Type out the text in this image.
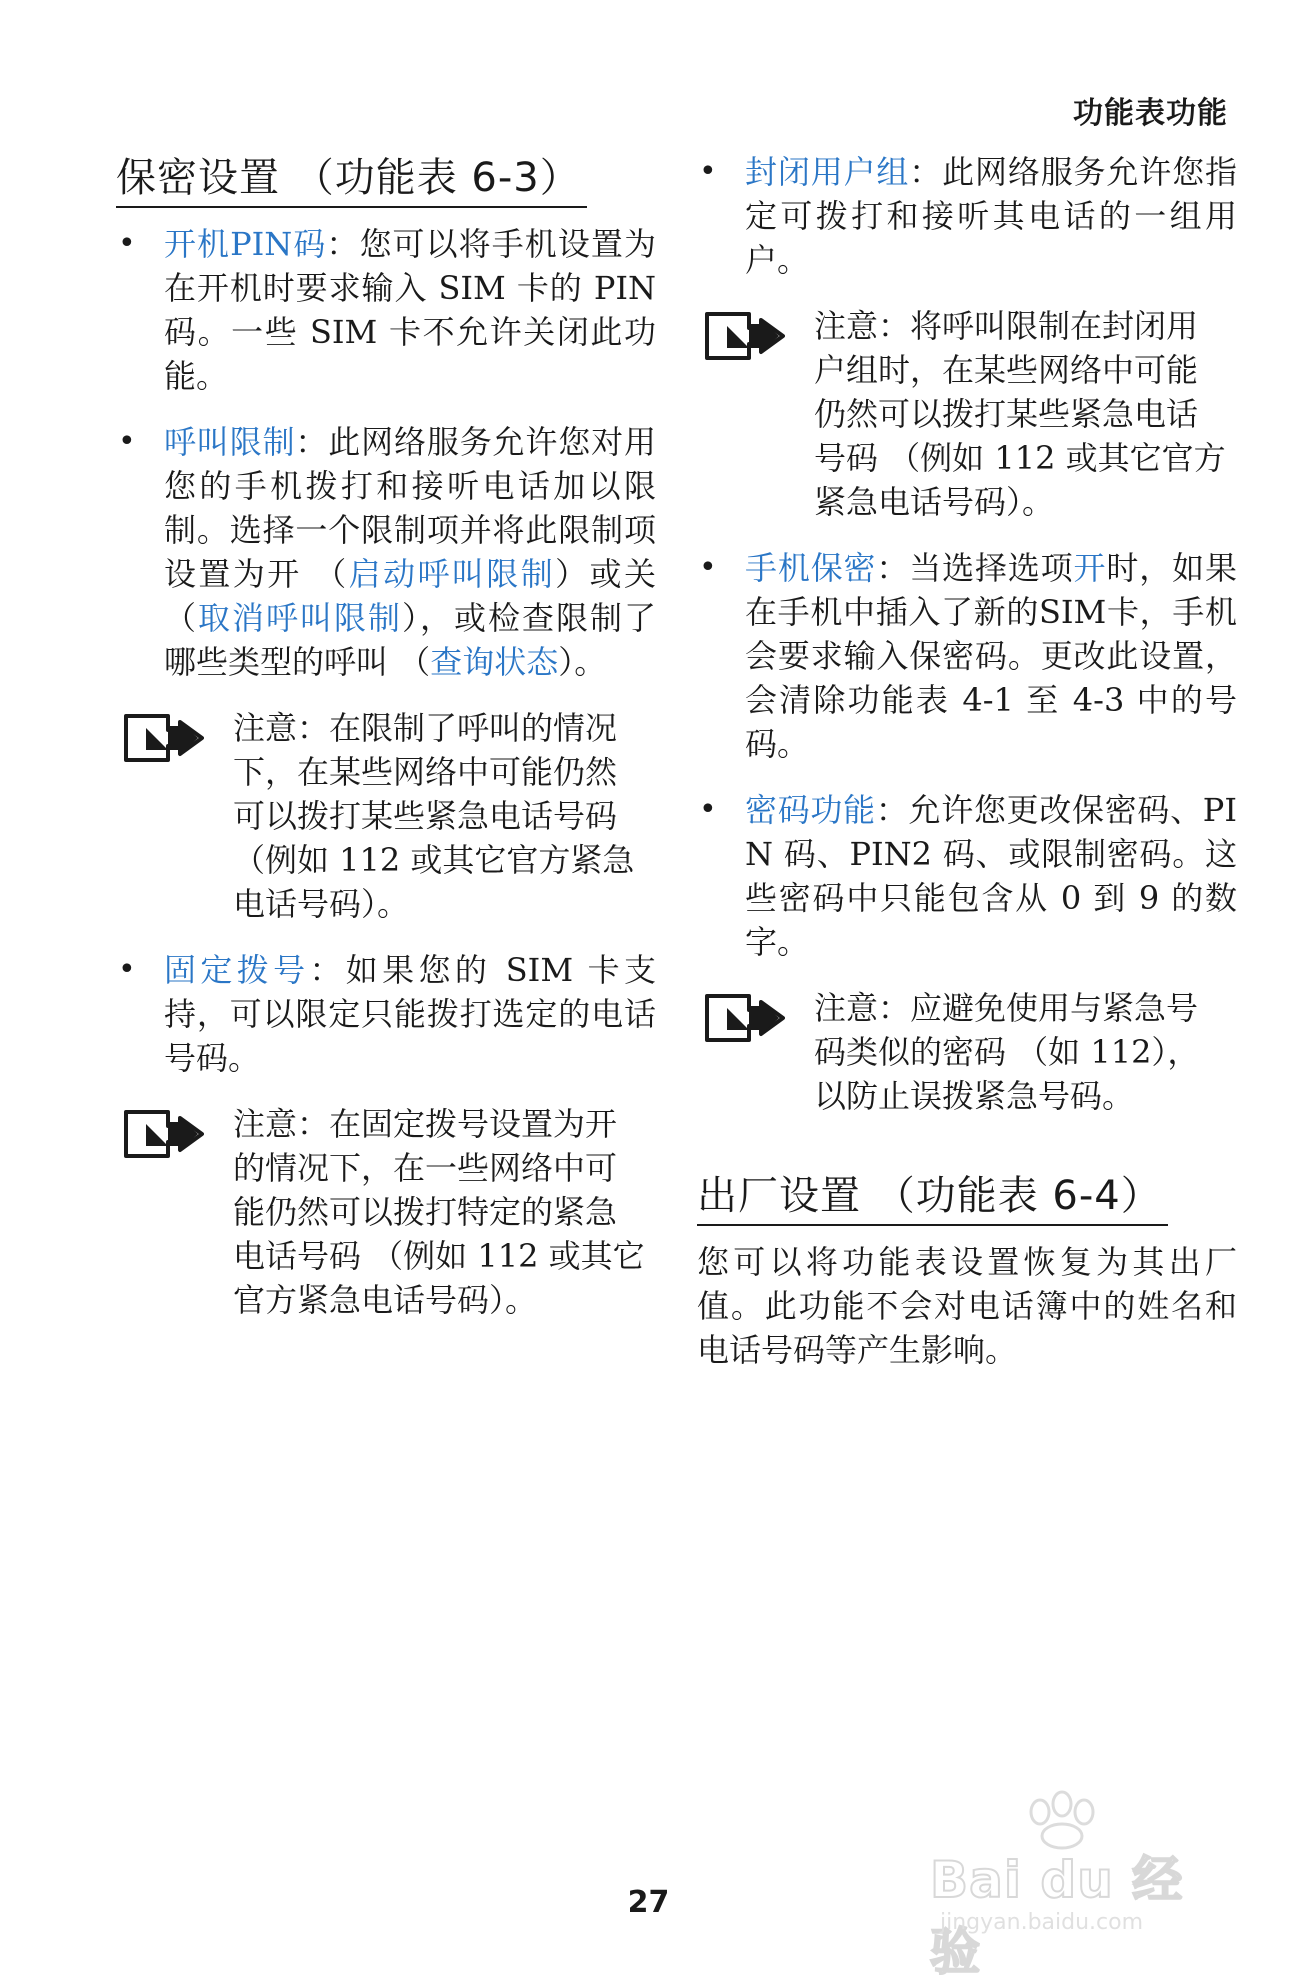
功能表功能
保密设置 （功能表 6-3）
• 开机PIN码：您可以将手机设置为在开机时要求输入 SIM 卡的 PIN 码。一些 SIM 卡不允许关闭此功能。
• 呼叫限制：此网络服务允许您对用您的手机拨打和接听电话加以限制。选择一个限制项并将此限制项设置为开 （启动呼叫限制）或关 （取消呼叫限制），或检查限制了哪些类型的呼叫 （查询状态）。
注意：在限制了呼叫的情况下，在某些网络中可能仍然可以拨打某些紧急电话号码 （例如 112 或其它官方紧急电话号码）。
• 固定拨号：如果您的 SIM 卡支持，可以限定只能拨打选定的电话号码。
注意：在固定拨号设置为开的情况下，在一些网络中可能仍然可以拨打特定的紧急电话号码 （例如 112 或其它官方紧急电话号码）。
• 封闭用户组：此网络服务允许您指定可拨打和接听其电话的一组用户。
注意：将呼叫限制在封闭用户组时，在某些网络中可能仍然可以拨打某些紧急电话号码 （例如 112 或其它官方紧急电话号码）。
• 手机保密：当选择选项开时，如果在手机中插入了新的SIM卡，手机会要求输入保密码。更改此设置，会清除功能表 4-1 至 4-3 中的号码。
• 密码功能：允许您更改保密码、PIN 码、PIN2 码、或限制密码。这些密码中只能包含从 0 到 9 的数字。
注意：应避免使用与紧急号码类似的密码 （如 112），以防止误拨紧急号码。
出厂设置 （功能表 6-4）
您可以将功能表设置恢复为其出厂值。此功能不会对电话簿中的姓名和电话号码等产生影响。
27	Bai du 经验
jingyan.baidu.com
